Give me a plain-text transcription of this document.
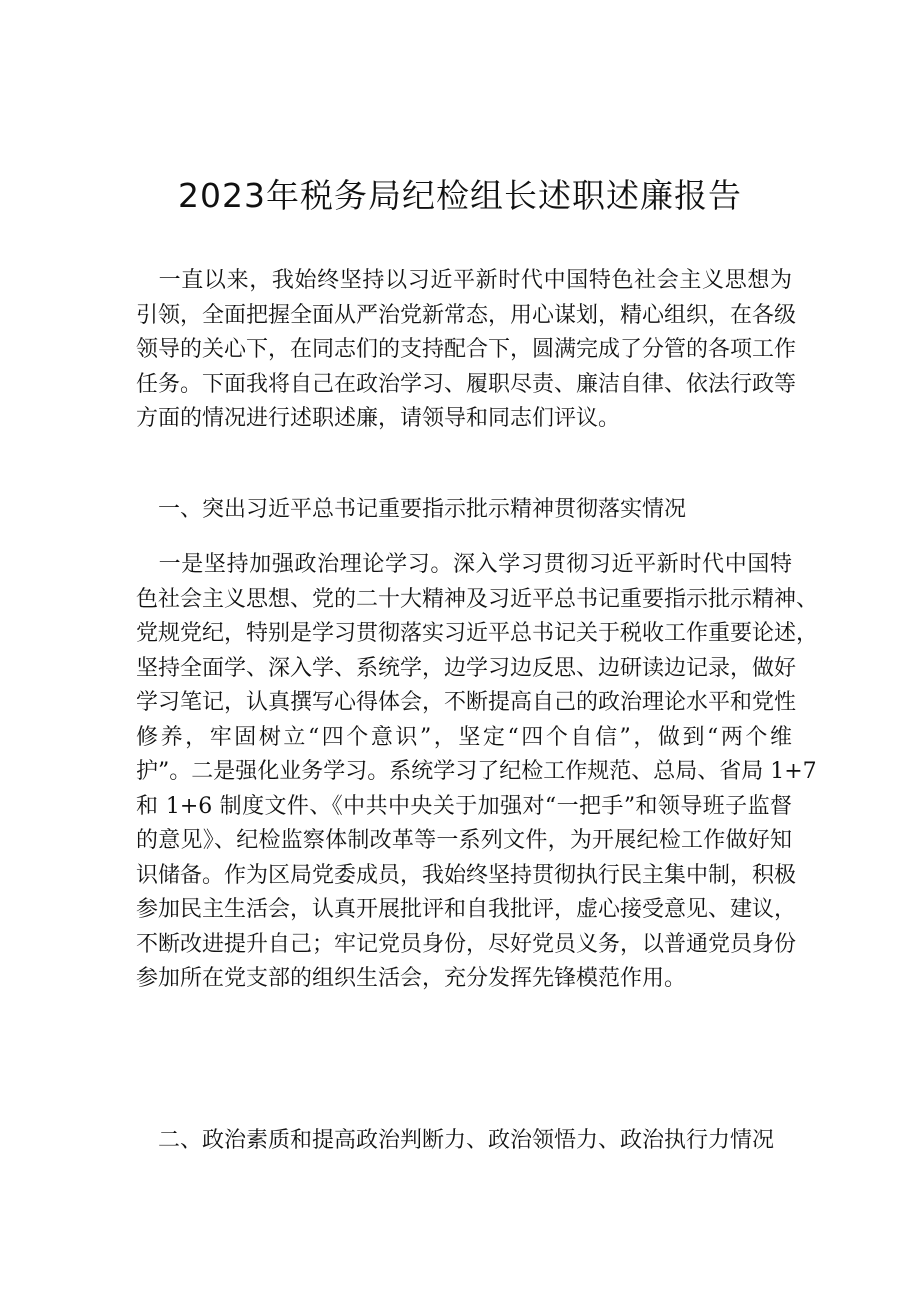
2023年税务局纪检组长述职述廉报告

　一直以来，我始终坚持以习近平新时代中国特色社会主义思想为
引领，全面把握全面从严治党新常态，用心谋划，精心组织，在各级
领导的关心下，在同志们的支持配合下，圆满完成了分管的各项工作
任务。下面我将自己在政治学习、履职尽责、廉洁自律、依法行政等
方面的情况进行述职述廉，请领导和同志们评议。

　一、突出习近平总书记重要指示批示精神贯彻落实情况

　一是坚持加强政治理论学习。深入学习贯彻习近平新时代中国特
色社会主义思想、党的二十大精神及习近平总书记重要指示批示精神、
党规党纪，特别是学习贯彻落实习近平总书记关于税收工作重要论述，
坚持全面学、深入学、系统学，边学习边反思、边研读边记录，做好
学习笔记，认真撰写心得体会，不断提高自己的政治理论水平和党性
修养，牢固树立“四个意识”，坚定“四个自信”，做到“两个维
护”。二是强化业务学习。系统学习了纪检工作规范、总局、省局 1+7
和 1+6 制度文件、《中共中央关于加强对“一把手”和领导班子监督
的意见》、纪检监察体制改革等一系列文件，为开展纪检工作做好知
识储备。作为区局党委成员，我始终坚持贯彻执行民主集中制，积极
参加民主生活会，认真开展批评和自我批评，虚心接受意见、建议，
不断改进提升自己；牢记党员身份，尽好党员义务，以普通党员身份
参加所在党支部的组织生活会，充分发挥先锋模范作用。

　二、政治素质和提高政治判断力、政治领悟力、政治执行力情况
